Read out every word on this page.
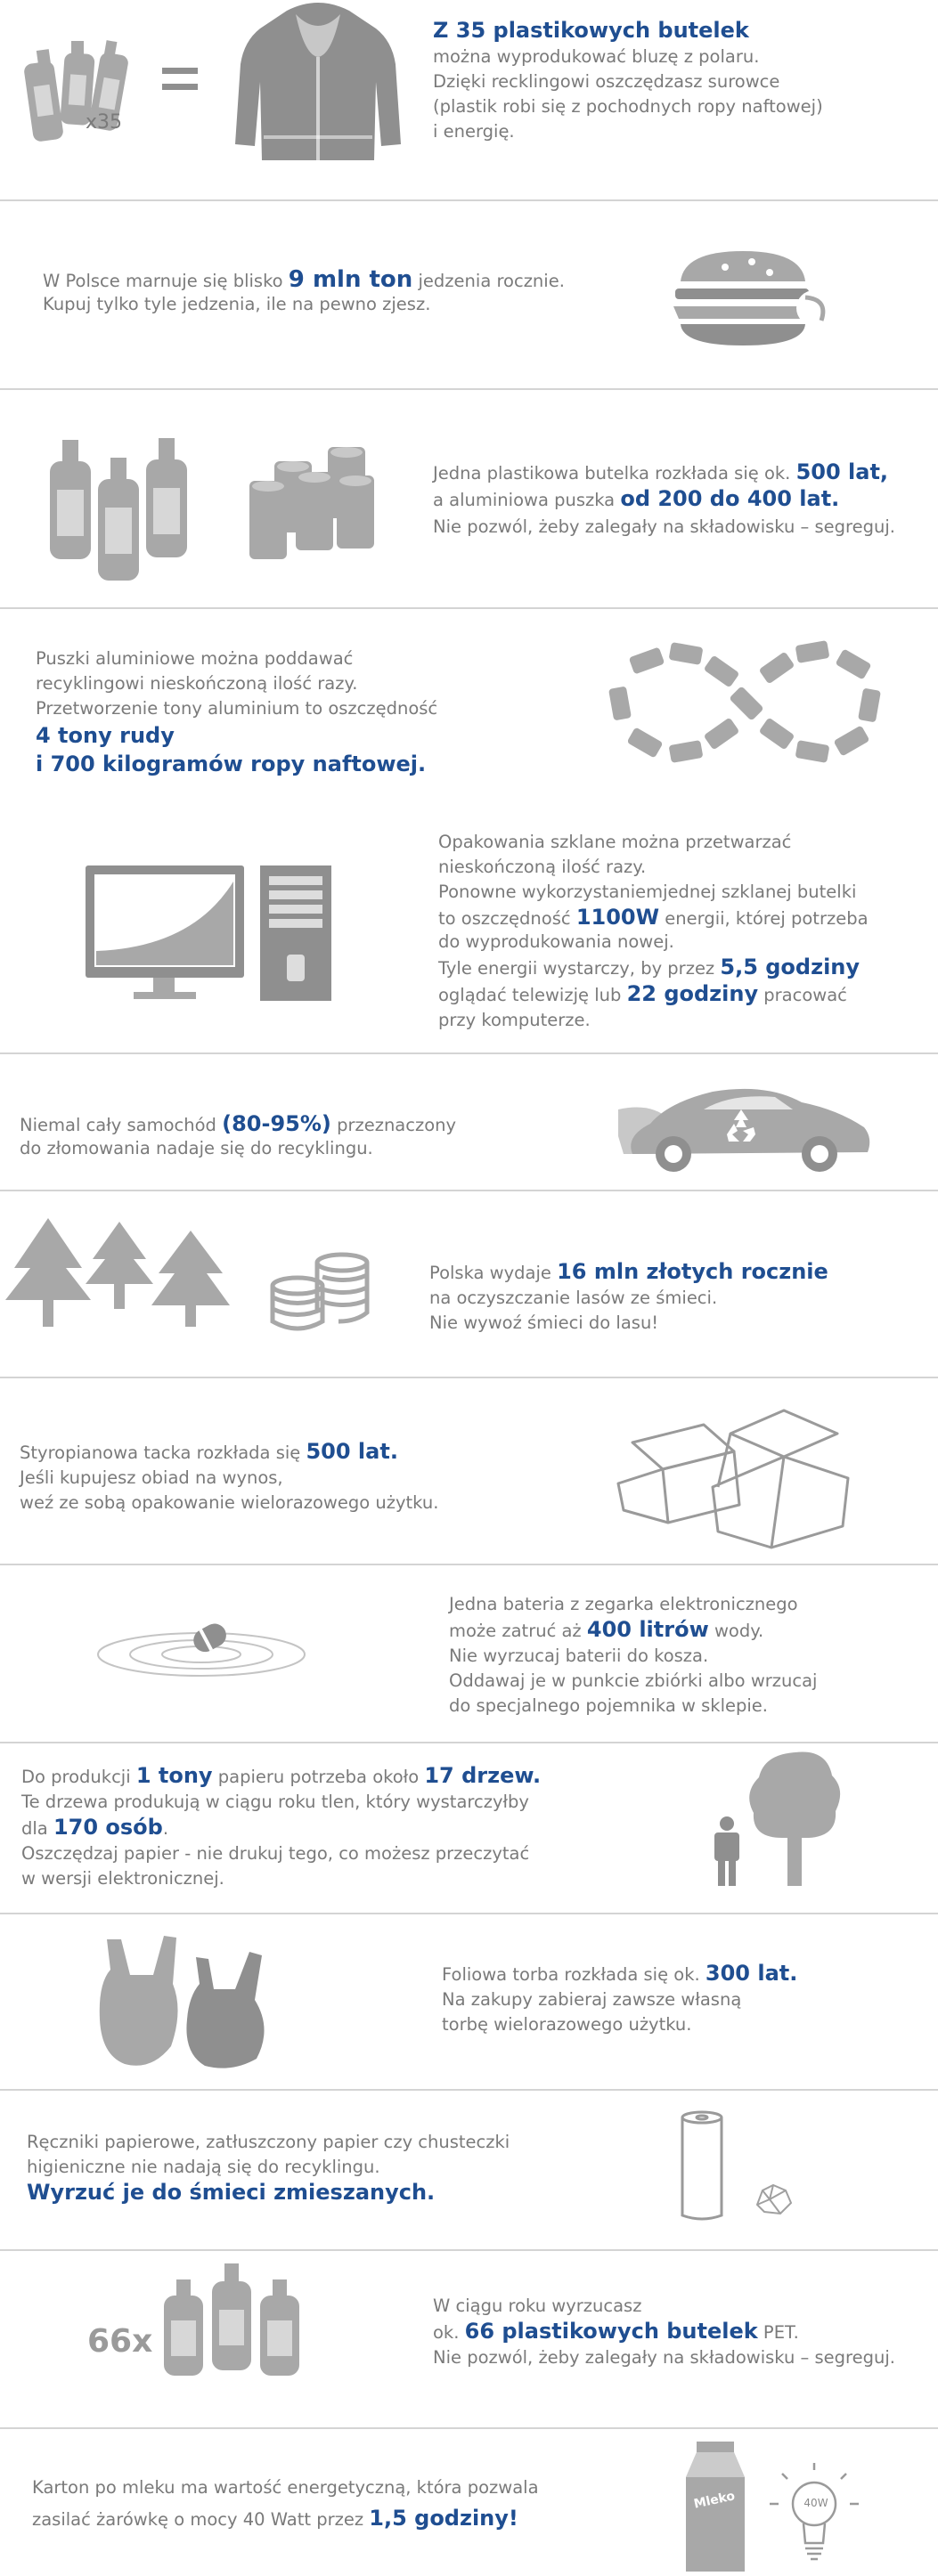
x35
Z 35 plastikowych butelek
można wyprodukować bluzę z polaru.
Dzięki recklingowi oszczędzasz surowce
(plastik robi się z pochodnych ropy naftowej)
i energię.
W Polsce marnuje się blisko 9 mln ton jedzenia rocznie.
Kupuj tylko tyle jedzenia, ile na pewno zjesz.
Jedna plastikowa butelka rozkłada się ok. 500 lat,
a aluminiowa puszka od 200 do 400 lat.
Nie pozwól, żeby zalegały na składowisku – segreguj.
Puszki aluminiowe można poddawać
recyklingowi nieskończoną ilość razy.
Przetworzenie tony aluminium to oszczędność
4 tony rudy
i 700 kilogramów ropy naftowej.
Opakowania szklane można przetwarzać
nieskończoną ilość razy.
Ponowne wykorzystaniemjednej szklanej butelki
to oszczędność 1100W energii, której potrzeba
do wyprodukowania nowej.
Tyle energii wystarczy, by przez 5,5 godziny
oglądać telewizję lub 22 godziny pracować
przy komputerze.
Niemal cały samochód (80-95%) przeznaczony
do złomowania nadaje się do recyklingu.
Polska wydaje 16 mln złotych rocznie
na oczyszczanie lasów ze śmieci.
Nie wywoź śmieci do lasu!
Styropianowa tacka rozkłada się 500 lat.
Jeśli kupujesz obiad na wynos,
weź ze sobą opakowanie wielorazowego użytku.
Jedna bateria z zegarka elektronicznego
może zatruć aż 400 litrów wody.
Nie wyrzucaj baterii do kosza.
Oddawaj je w punkcie zbiórki albo wrzucaj
do specjalnego pojemnika w sklepie.
Do produkcji 1 tony papieru potrzeba około 17 drzew.
Te drzewa produkują w ciągu roku tlen, który wystarczyłby
dla 170 osób.
Oszczędzaj papier - nie drukuj tego, co możesz przeczytać
w wersji elektronicznej.
Foliowa torba rozkłada się ok. 300 lat.
Na zakupy zabieraj zawsze własną
torbę wielorazowego użytku.
Ręczniki papierowe, zatłuszczony papier czy chusteczki
higieniczne nie nadają się do recyklingu.
Wyrzuć je do śmieci zmieszanych.
66x
W ciągu roku wyrzucasz
ok. 66 plastikowych butelek PET.
Nie pozwól, żeby zalegały na składowisku – segreguj.
Karton po mleku ma wartość energetyczną, która pozwala
zasilać żarówkę o mocy 40 Watt przez 1,5 godziny!
Mleko	40W
